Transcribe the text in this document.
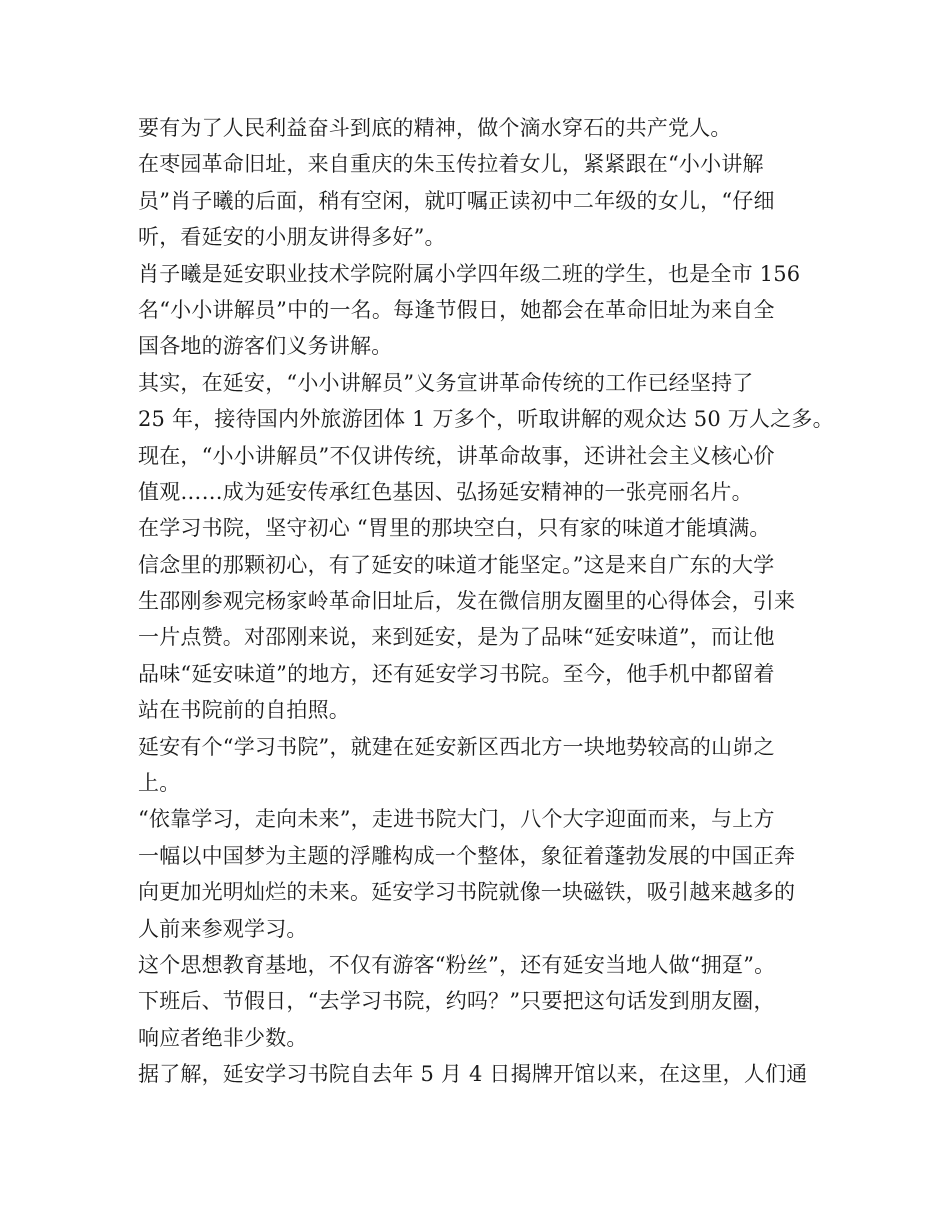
要有为了人民利益奋斗到底的精神，做个滴水穿石的共产党人。
在枣园革命旧址，来自重庆的朱玉传拉着女儿，紧紧跟在“小小讲解
员”肖子曦的后面，稍有空闲，就叮嘱正读初中二年级的女儿，“仔细
听，看延安的小朋友讲得多好”。
肖子曦是延安职业技术学院附属小学四年级二班的学生，也是全市 156
名“小小讲解员”中的一名。每逢节假日，她都会在革命旧址为来自全
国各地的游客们义务讲解。
其实，在延安，“小小讲解员”义务宣讲革命传统的工作已经坚持了
25 年，接待国内外旅游团体 1 万多个，听取讲解的观众达 50 万人之多。
现在，“小小讲解员”不仅讲传统，讲革命故事，还讲社会主义核心价
值观……成为延安传承红色基因、弘扬延安精神的一张亮丽名片。
在学习书院，坚守初心 “胃里的那块空白，只有家的味道才能填满。
信念里的那颗初心，有了延安的味道才能坚定。”这是来自广东的大学
生邵刚参观完杨家岭革命旧址后，发在微信朋友圈里的心得体会，引来
一片点赞。对邵刚来说，来到延安，是为了品味“延安味道”，而让他
品味“延安味道”的地方，还有延安学习书院。至今，他手机中都留着
站在书院前的自拍照。
延安有个“学习书院”，就建在延安新区西北方一块地势较高的山峁之
上。
“依靠学习，走向未来”，走进书院大门，八个大字迎面而来，与上方
一幅以中国梦为主题的浮雕构成一个整体，象征着蓬勃发展的中国正奔
向更加光明灿烂的未来。延安学习书院就像一块磁铁，吸引越来越多的
人前来参观学习。
这个思想教育基地，不仅有游客“粉丝”，还有延安当地人做“拥趸”。
下班后、节假日，“去学习书院，约吗？”只要把这句话发到朋友圈，
响应者绝非少数。
据了解，延安学习书院自去年 5 月 4 日揭牌开馆以来，在这里，人们通
